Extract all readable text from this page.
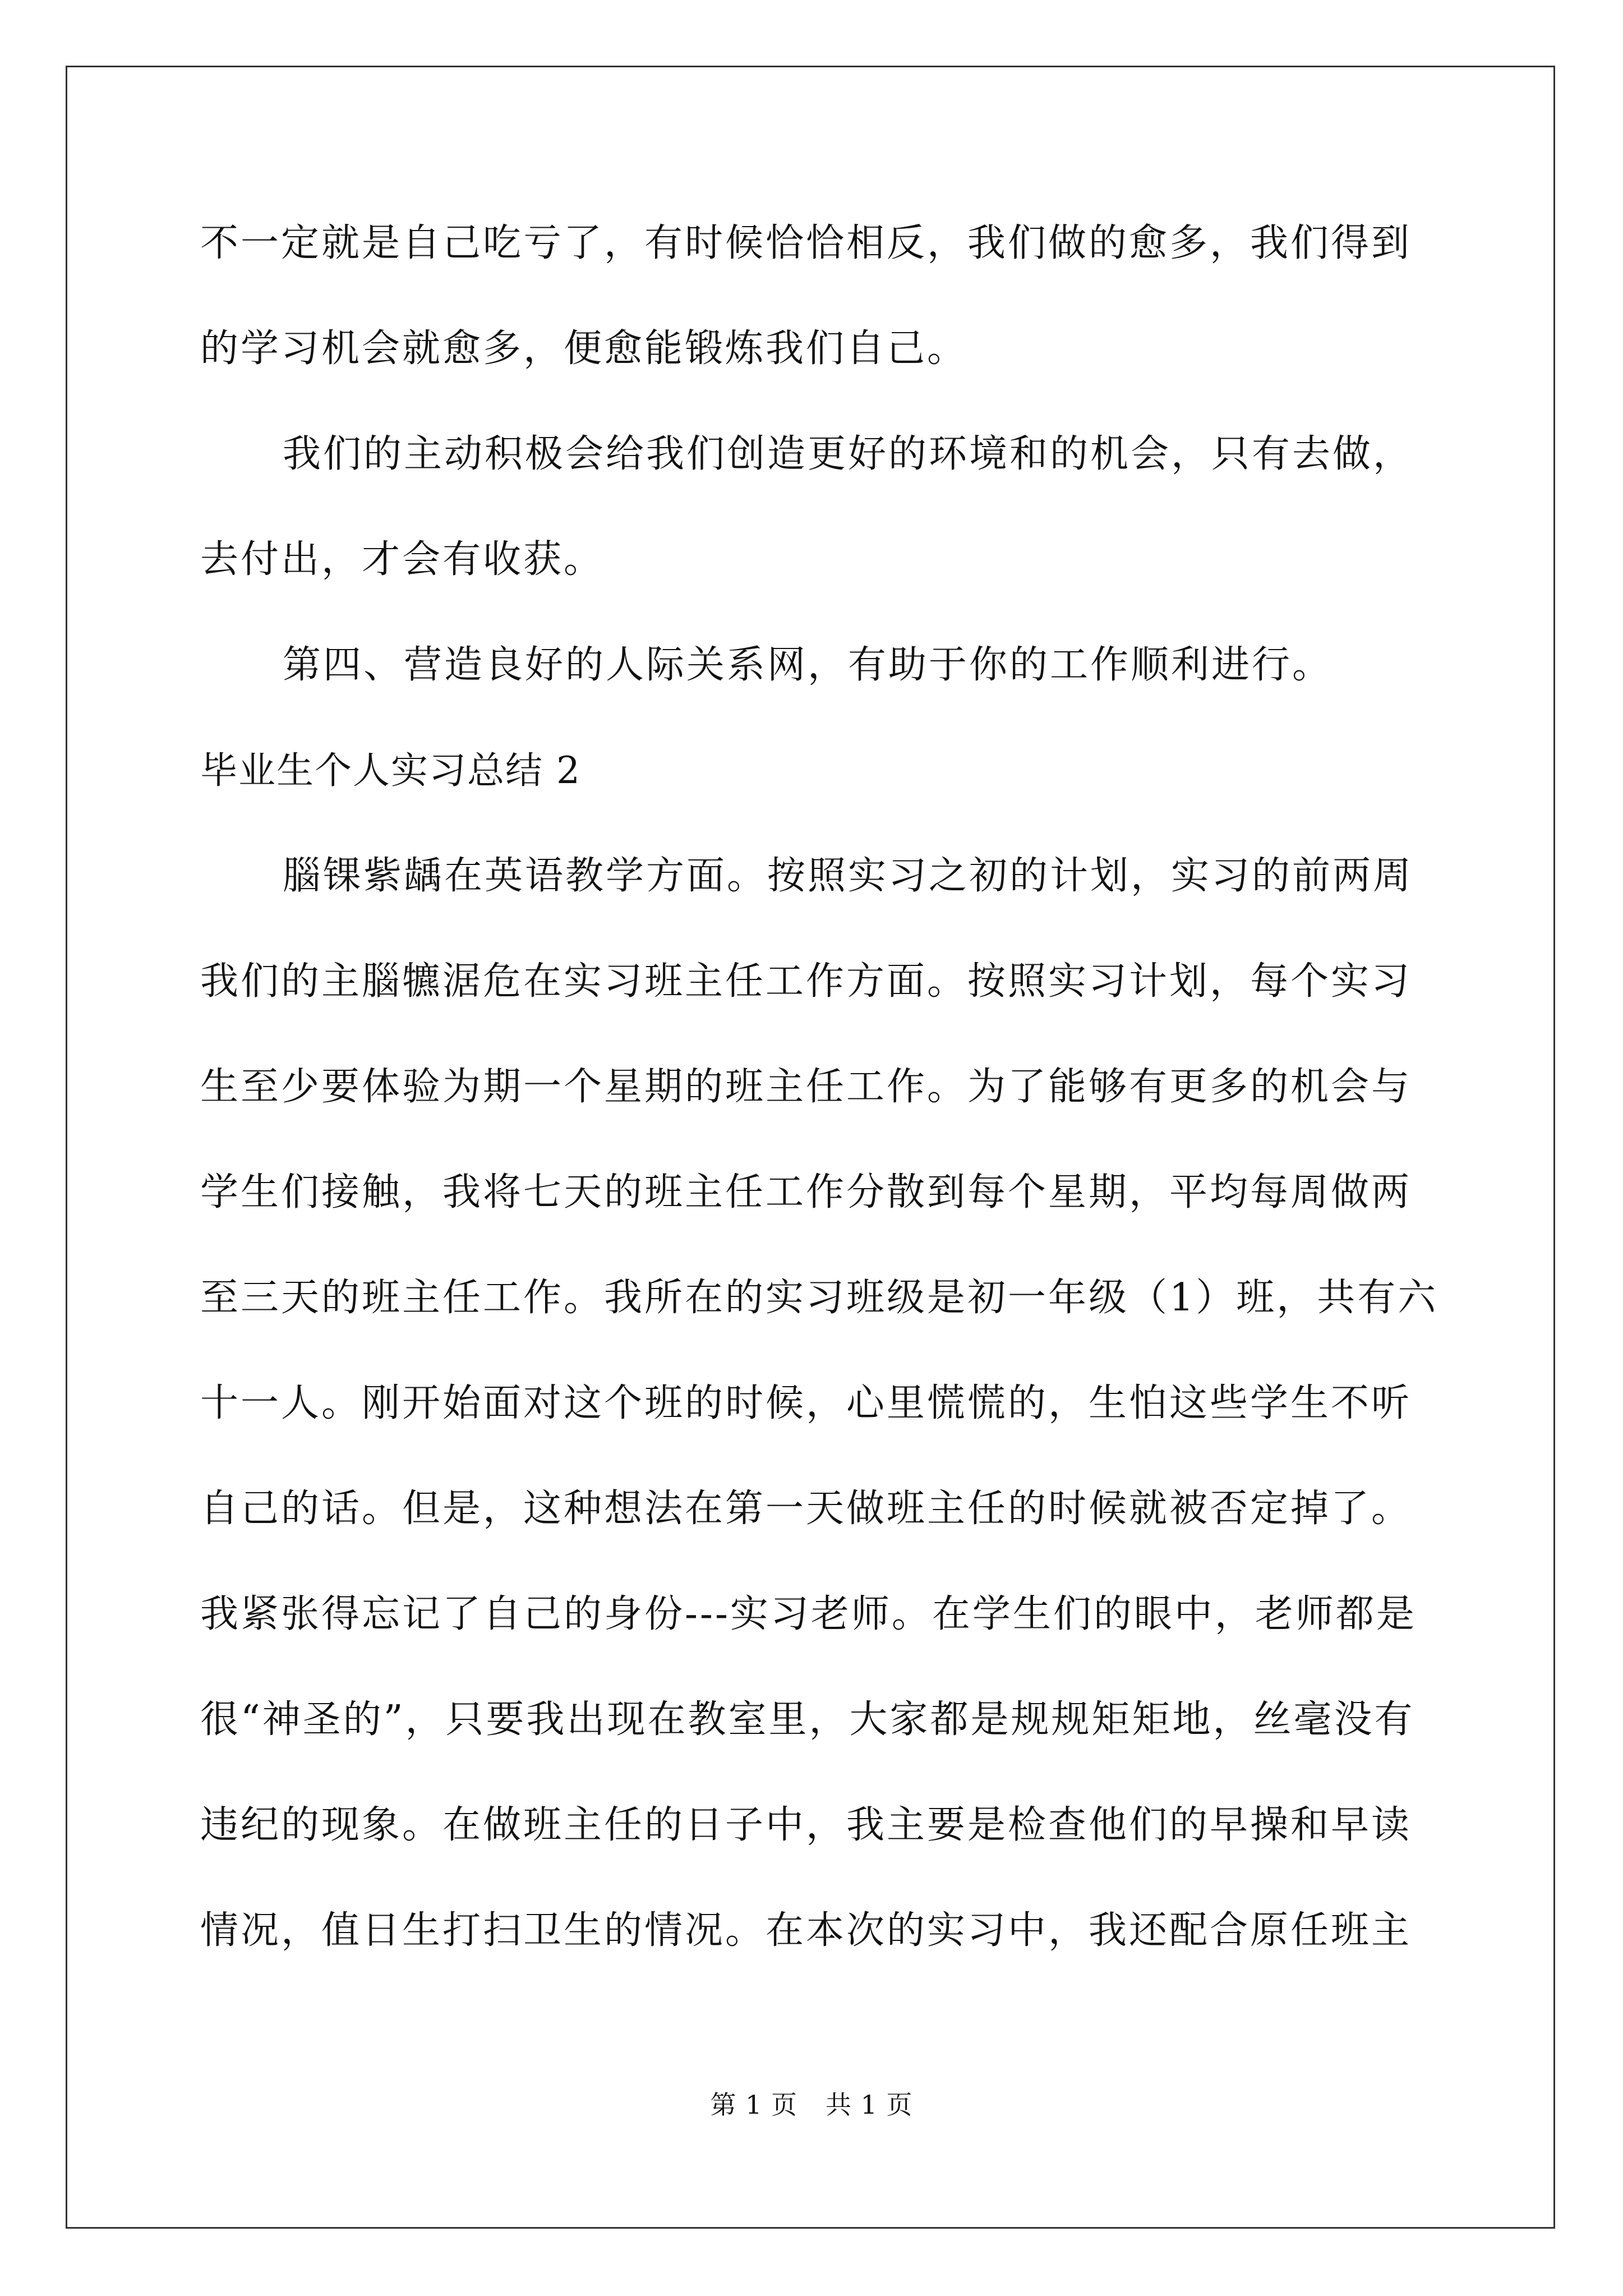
不一定就是自己吃亏了，有时候恰恰相反，我们做的愈多，我们得到
的学习机会就愈多，便愈能锻炼我们自己。
我们的主动积极会给我们创造更好的环境和的机会，只有去做，
去付出，才会有收获。
第四、营造良好的人际关系网，有助于你的工作顺利进行。
毕业生个人实习总结 2
腦锞紫龋在英语教学方面。按照实习之初的计划，实习的前两周
我们的主腦犥涺危在实习班主任工作方面。按照实习计划，每个实习
生至少要体验为期一个星期的班主任工作。为了能够有更多的机会与
学生们接触，我将七天的班主任工作分散到每个星期，平均每周做两
至三天的班主任工作。我所在的实习班级是初一年级（1）班，共有六
十一人。刚开始面对这个班的时候，心里慌慌的，生怕这些学生不听
自己的话。但是，这种想法在第一天做班主任的时候就被否定掉了。
我紧张得忘记了自己的身份---实习老师。在学生们的眼中，老师都是
很“神圣的”，只要我出现在教室里，大家都是规规矩矩地，丝毫没有
违纪的现象。在做班主任的日子中，我主要是检查他们的早操和早读
情况，值日生打扫卫生的情况。在本次的实习中，我还配合原任班主
第 1 页 共 1 页
